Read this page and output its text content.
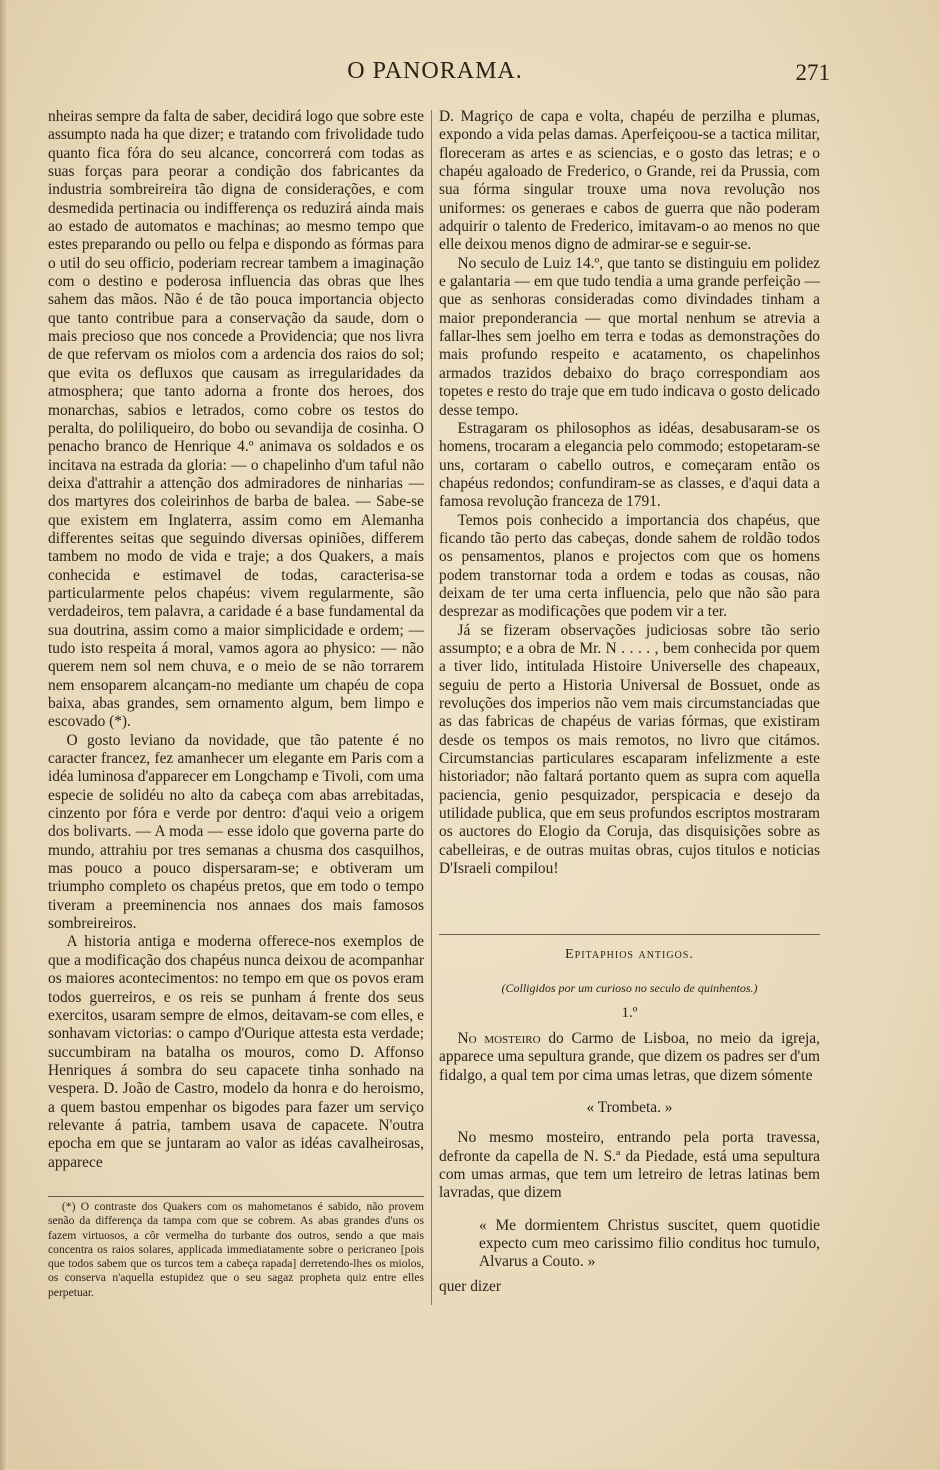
O PANORAMA.	271

nheiras sempre da falta de saber, decidirá logo que sobre este assumpto nada ha que dizer; e tratando com frivolidade tudo quanto fica fóra do seu alcance, concorrerá com todas as suas forças para peorar a condição dos fabricantes da industria sombreireira tão digna de considerações, e com desmedida pertinacia ou indifferença os reduzirá ainda mais ao estado de automatos e machinas; ao mesmo tempo que estes preparando ou pello ou felpa e dispondo as fórmas para o util do seu officio, poderiam recrear tambem a imaginação com o destino e poderosa influencia das obras que lhes sahem das mãos. Não é de tão pouca importancia objecto que tanto contribue para a conservação da saude, dom o mais precioso que nos concede a Providencia; que nos livra de que refervam os miolos com a ardencia dos raios do sol; que evita os defluxos que causam as irregularidades da atmosphera; que tanto adorna a fronte dos heroes, dos monarchas, sabios e letrados, como cobre os testos do peralta, do poliliqueiro, do bobo ou sevandija de cosinha. O penacho branco de Henrique 4.º animava os soldados e os incitava na estrada da gloria: — o chapelinho d'um taful não deixa d'attrahir a attenção dos admiradores de ninharias — dos martyres dos coleirinhos de barba de balea. — Sabe-se que existem em Inglaterra, assim como em Alemanha differentes seitas que seguindo diversas opiniões, differem tambem no modo de vida e traje; a dos Quakers, a mais conhecida e estimavel de todas, caracterisa-se particularmente pelos chapéus: vivem regularmente, são verdadeiros, tem palavra, a caridade é a base fundamental da sua doutrina, assim como a maior simplicidade e ordem; — tudo isto respeita á moral, vamos agora ao physico: — não querem nem sol nem chuva, e o meio de se não torrarem nem ensoparem alcançam-no mediante um chapéu de copa baixa, abas grandes, sem ornamento algum, bem limpo e escovado (*).

O gosto leviano da novidade, que tão patente é no caracter francez, fez amanhecer um elegante em Paris com a idéa luminosa d'apparecer em Longchamp e Tivoli, com uma especie de solidéu no alto da cabeça com abas arrebitadas, cinzento por fóra e verde por dentro: d'aqui veio a origem dos bolivarts. — A moda — esse idolo que governa parte do mundo, attrahiu por tres semanas a chusma dos casquilhos, mas pouco a pouco dispersaram-se; e obtiveram um triumpho completo os chapéus pretos, que em todo o tempo tiveram a preeminencia nos annaes dos mais famosos sombreireiros.

A historia antiga e moderna offerece-nos exemplos de que a modificação dos chapéus nunca deixou de acompanhar os maiores acontecimentos: no tempo em que os povos eram todos guerreiros, e os reis se punham á frente dos seus exercitos, usaram sempre de elmos, deitavam-se com elles, e sonhavam victorias: o campo d'Ourique attesta esta verdade; succumbiram na batalha os mouros, como D. Affonso Henriques á sombra do seu capacete tinha sonhado na vespera. D. João de Castro, modelo da honra e do heroismo, a quem bastou empenhar os bigodes para fazer um serviço relevante á patria, tambem usava de capacete. N'outra epocha em que se juntaram ao valor as idéas cavalheirosas, apparece

(*) O contraste dos Quakers com os mahometanos é sabido, não provem senão da differença da tampa com que se cobrem. As abas grandes d'uns os fazem virtuosos, a côr vermelha do turbante dos outros, sendo a que mais concentra os raios solares, applicada immediatamente sobre o pericraneo [pois que todos sabem que os turcos tem a cabeça rapada] derretendo-lhes os miolos, os conserva n'aquella estupidez que o seu sagaz propheta quiz entre elles perpetuar.

D. Magriço de capa e volta, chapéu de perzilha e plumas, expondo a vida pelas damas. Aperfeiçoou-se a tactica militar, floreceram as artes e as sciencias, e o gosto das letras; e o chapéu agaloado de Frederico, o Grande, rei da Prussia, com sua fórma singular trouxe uma nova revolução nos uniformes: os generaes e cabos de guerra que não poderam adquirir o talento de Frederico, imitavam-o ao menos no que elle deixou menos digno de admirar-se e seguir-se.

No seculo de Luiz 14.º, que tanto se distinguiu em polidez e galantaria — em que tudo tendia a uma grande perfeição — que as senhoras consideradas como divindades tinham a maior preponderancia — que mortal nenhum se atrevia a fallar-lhes sem joelho em terra e todas as demonstrações do mais profundo respeito e acatamento, os chapelinhos armados trazidos debaixo do braço correspondiam aos topetes e resto do traje que em tudo indicava o gosto delicado desse tempo.

Estragaram os philosophos as idéas, desabusaram-se os homens, trocaram a elegancia pelo commodo; estopetaram-se uns, cortaram o cabello outros, e começaram então os chapéus redondos; confundiram-se as classes, e d'aqui data a famosa revolução franceza de 1791.

Temos pois conhecido a importancia dos chapéus, que ficando tão perto das cabeças, donde sahem de roldão todos os pensamentos, planos e projectos com que os homens podem transtornar toda a ordem e todas as cousas, não deixam de ter uma certa influencia, pelo que não são para desprezar as modificações que podem vir a ter.

Já se fizeram observações judiciosas sobre tão serio assumpto; e a obra de Mr. N . . . . , bem conhecida por quem a tiver lido, intitulada Histoire Universelle des chapeaux, seguiu de perto a Historia Universal de Bossuet, onde as revoluções dos imperios não vem mais circumstanciadas que as das fabricas de chapéus de varias fórmas, que existiram desde os tempos os mais remotos, no livro que citámos. Circumstancias particulares escaparam infelizmente a este historiador; não faltará portanto quem as supra com aquella paciencia, genio pesquizador, perspicacia e desejo da utilidade publica, que em seus profundos escriptos mostraram os auctores do Elogio da Coruja, das disquisições sobre as cabelleiras, e de outras muitas obras, cujos titulos e noticias D'Israeli compilou!

Epitaphios antigos.
(Colligidos por um curioso no seculo de quinhentos.)
1.º

No mosteiro do Carmo de Lisboa, no meio da igreja, apparece uma sepultura grande, que dizem os padres ser d'um fidalgo, a qual tem por cima umas letras, que dizem sómente

« Trombeta. »

No mesmo mosteiro, entrando pela porta travessa, defronte da capella de N. S.ª da Piedade, está uma sepultura com umas armas, que tem um letreiro de letras latinas bem lavradas, que dizem

« Me dormientem Christus suscitet, quem quotidie expecto cum meo carissimo filio conditus hoc tumulo, Alvarus a Couto. »

quer dizer
